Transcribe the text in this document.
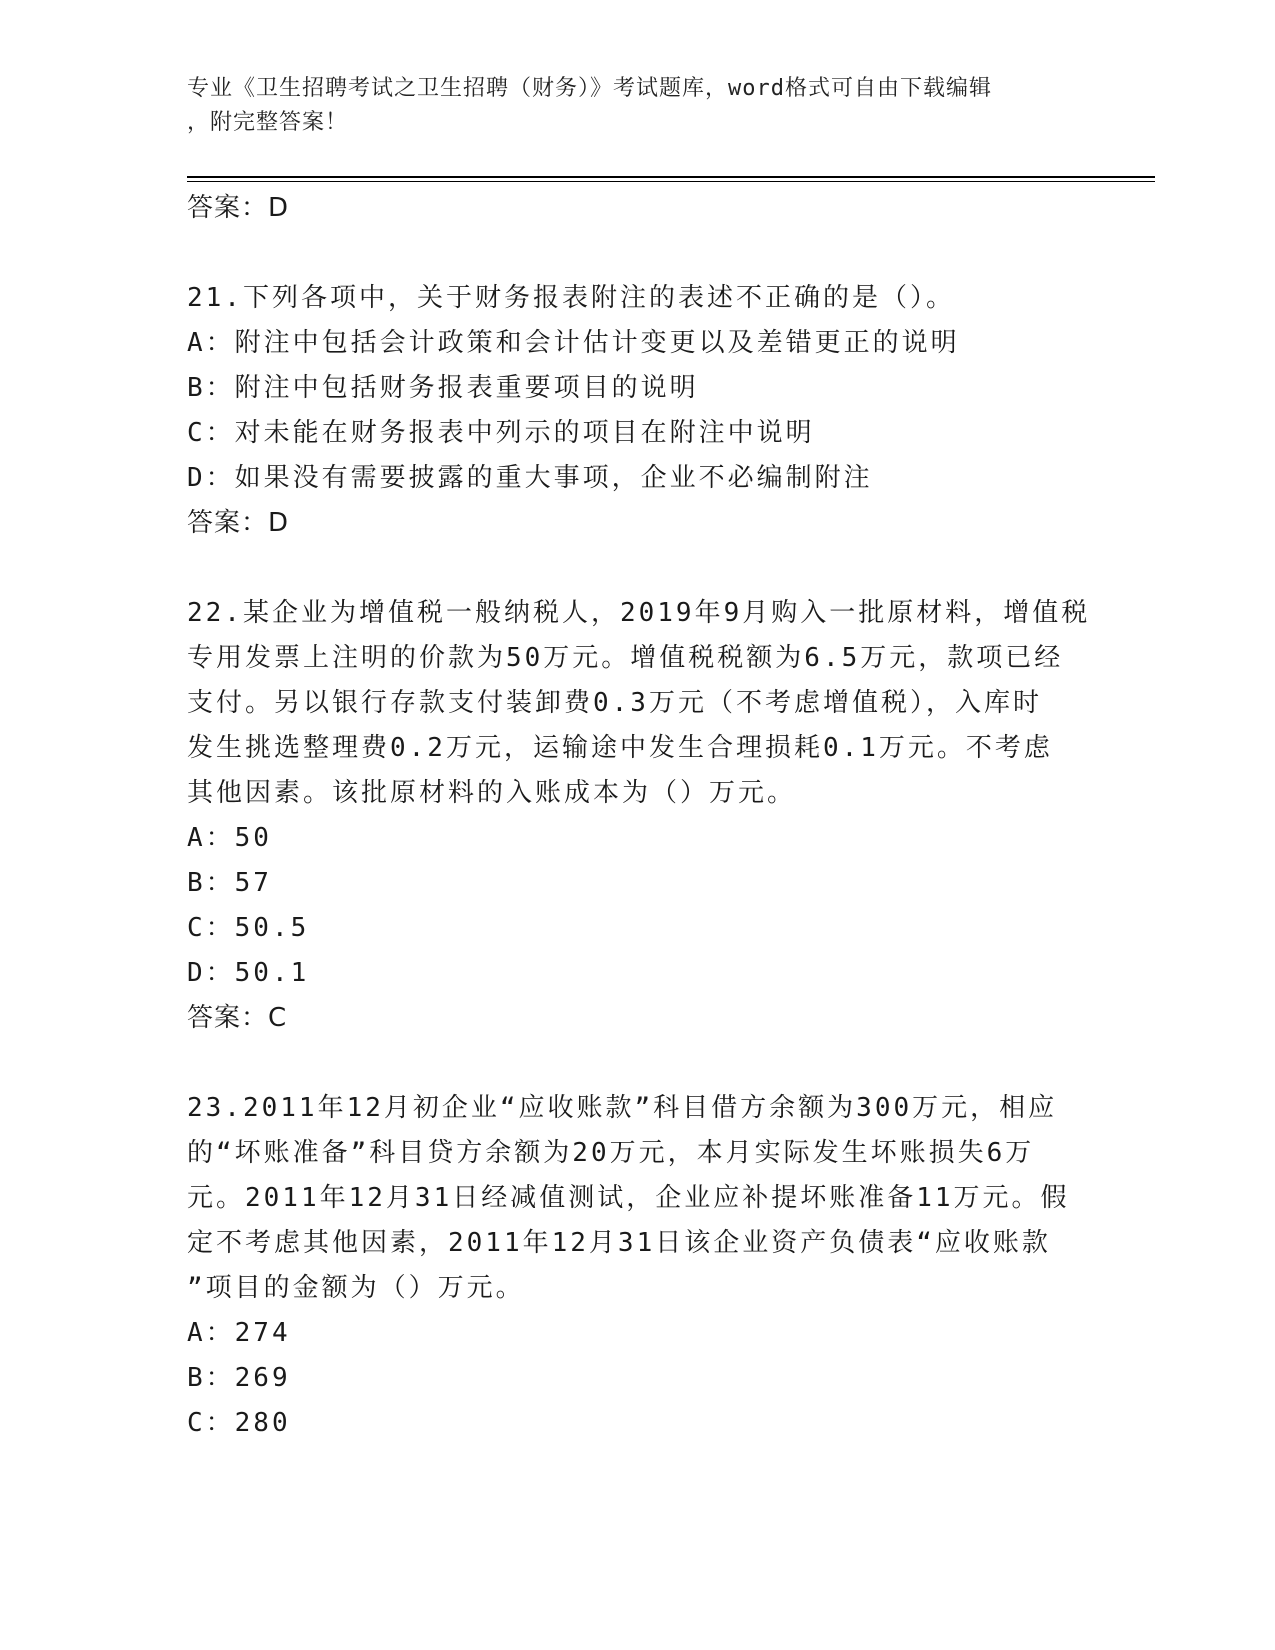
专业《卫生招聘考试之卫生招聘（财务）》考试题库，word格式可自由下载编辑
，附完整答案！
答案：D
21.下列各项中，关于财务报表附注的表述不正确的是（）。
A：附注中包括会计政策和会计估计变更以及差错更正的说明
B：附注中包括财务报表重要项目的说明
C：对未能在财务报表中列示的项目在附注中说明
D：如果没有需要披露的重大事项，企业不必编制附注
答案：D
22.某企业为增值税一般纳税人，2019年9月购入一批原材料，增值税
专用发票上注明的价款为50万元。增值税税额为6.5万元，款项已经
支付。另以银行存款支付装卸费0.3万元（不考虑增值税），入库时
发生挑选整理费0.2万元，运输途中发生合理损耗0.1万元。不考虑
其他因素。该批原材料的入账成本为（）万元。
A：50
B：57
C：50.5
D：50.1
答案：C
23.2011年12月初企业“应收账款”科目借方余额为300万元，相应
的“坏账准备”科目贷方余额为20万元，本月实际发生坏账损失6万
元。2011年12月31日经减值测试，企业应补提坏账准备11万元。假
定不考虑其他因素，2011年12月31日该企业资产负债表“应收账款
”项目的金额为（）万元。
A：274
B：269
C：280
